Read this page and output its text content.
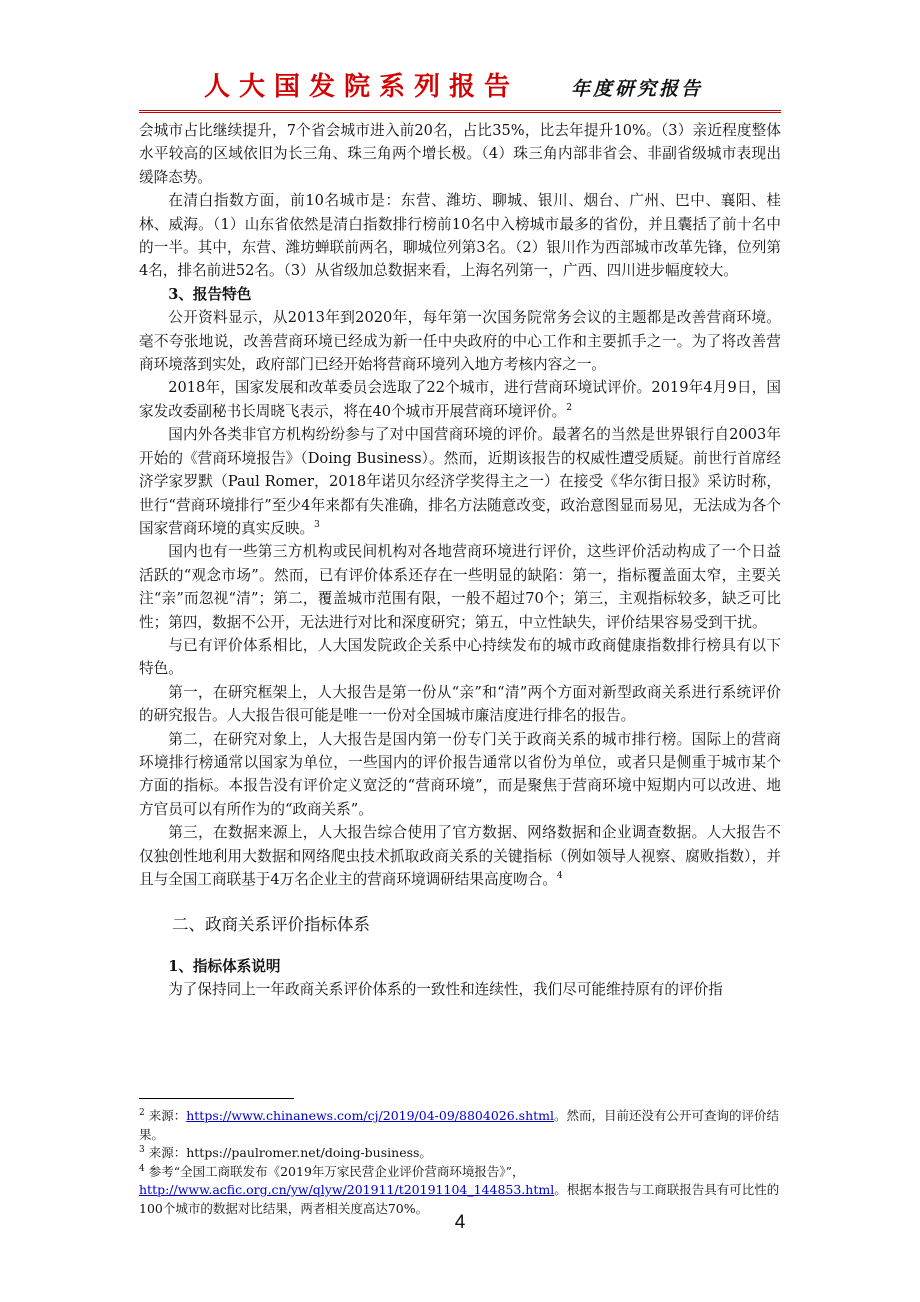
人大国发院系列报告	年度研究报告

会城市占比继续提升，7个省会城市进入前20名，占比35%，比去年提升10%。（3）亲近程度整体水平较高的区域依旧为长三角、珠三角两个增长极。（4）珠三角内部非省会、非副省级城市表现出缓降态势。

在清白指数方面，前10名城市是：东营、潍坊、聊城、银川、烟台、广州、巴中、襄阳、桂林、威海。（1）山东省依然是清白指数排行榜前10名中入榜城市最多的省份，并且囊括了前十名中的一半。其中，东营、潍坊蝉联前两名，聊城位列第3名。（2）银川作为西部城市改革先锋，位列第4名，排名前进52名。（3）从省级加总数据来看，上海名列第一，广西、四川进步幅度较大。

3、报告特色

公开资料显示，从2013年到2020年，每年第一次国务院常务会议的主题都是改善营商环境。毫不夸张地说，改善营商环境已经成为新一任中央政府的中心工作和主要抓手之一。为了将改善营商环境落到实处，政府部门已经开始将营商环境列入地方考核内容之一。

2018年，国家发展和改革委员会选取了22个城市，进行营商环境试评价。2019年4月9日，国家发改委副秘书长周晓飞表示，将在40个城市开展营商环境评价。$^2$

国内外各类非官方机构纷纷参与了对中国营商环境的评价。最著名的当然是世界银行自2003年开始的《营商环境报告》（Doing Business）。然而，近期该报告的权威性遭受质疑。前世行首席经济学家罗默（Paul Romer，2018年诺贝尔经济学奖得主之一）在接受《华尔街日报》采访时称，世行“营商环境排行”至少4年来都有失准确，排名方法随意改变，政治意图显而易见，无法成为各个国家营商环境的真实反映。$^3$

国内也有一些第三方机构或民间机构对各地营商环境进行评价，这些评价活动构成了一个日益活跃的“观念市场”。然而，已有评价体系还存在一些明显的缺陷：第一，指标覆盖面太窄，主要关注“亲”而忽视“清”；第二，覆盖城市范围有限，一般不超过70个；第三，主观指标较多，缺乏可比性；第四，数据不公开，无法进行对比和深度研究；第五，中立性缺失，评价结果容易受到干扰。

与已有评价体系相比，人大国发院政企关系中心持续发布的城市政商健康指数排行榜具有以下特色。

第一，在研究框架上，人大报告是第一份从“亲”和“清”两个方面对新型政商关系进行系统评价的研究报告。人大报告很可能是唯一一份对全国城市廉洁度进行排名的报告。

第二，在研究对象上，人大报告是国内第一份专门关于政商关系的城市排行榜。国际上的营商环境排行榜通常以国家为单位，一些国内的评价报告通常以省份为单位，或者只是侧重于城市某个方面的指标。本报告没有评价定义宽泛的“营商环境”，而是聚焦于营商环境中短期内可以改进、地方官员可以有所作为的“政商关系”。

第三，在数据来源上，人大报告综合使用了官方数据、网络数据和企业调查数据。人大报告不仅独创性地利用大数据和网络爬虫技术抓取政商关系的关键指标（例如领导人视察、腐败指数），并且与全国工商联基于4万名企业主的营商环境调研结果高度吻合。$^4$

二、政商关系评价指标体系

1、指标体系说明

为了保持同上一年政商关系评价体系的一致性和连续性，我们尽可能维持原有的评价指

$^2$ 来源：https://www.chinanews.com/cj/2019/04-09/8804026.shtml。然而，目前还没有公开可查询的评价结果。

$^3$ 来源：https://paulromer.net/doing-business。

$^4$ 参考“全国工商联发布《2019年万家民营企业评价营商环境报告》”，
http://www.acfic.org.cn/yw/qlyw/201911/t20191104_144853.html。根据本报告与工商联报告具有可比性的100个城市的数据对比结果，两者相关度高达70%。

4
